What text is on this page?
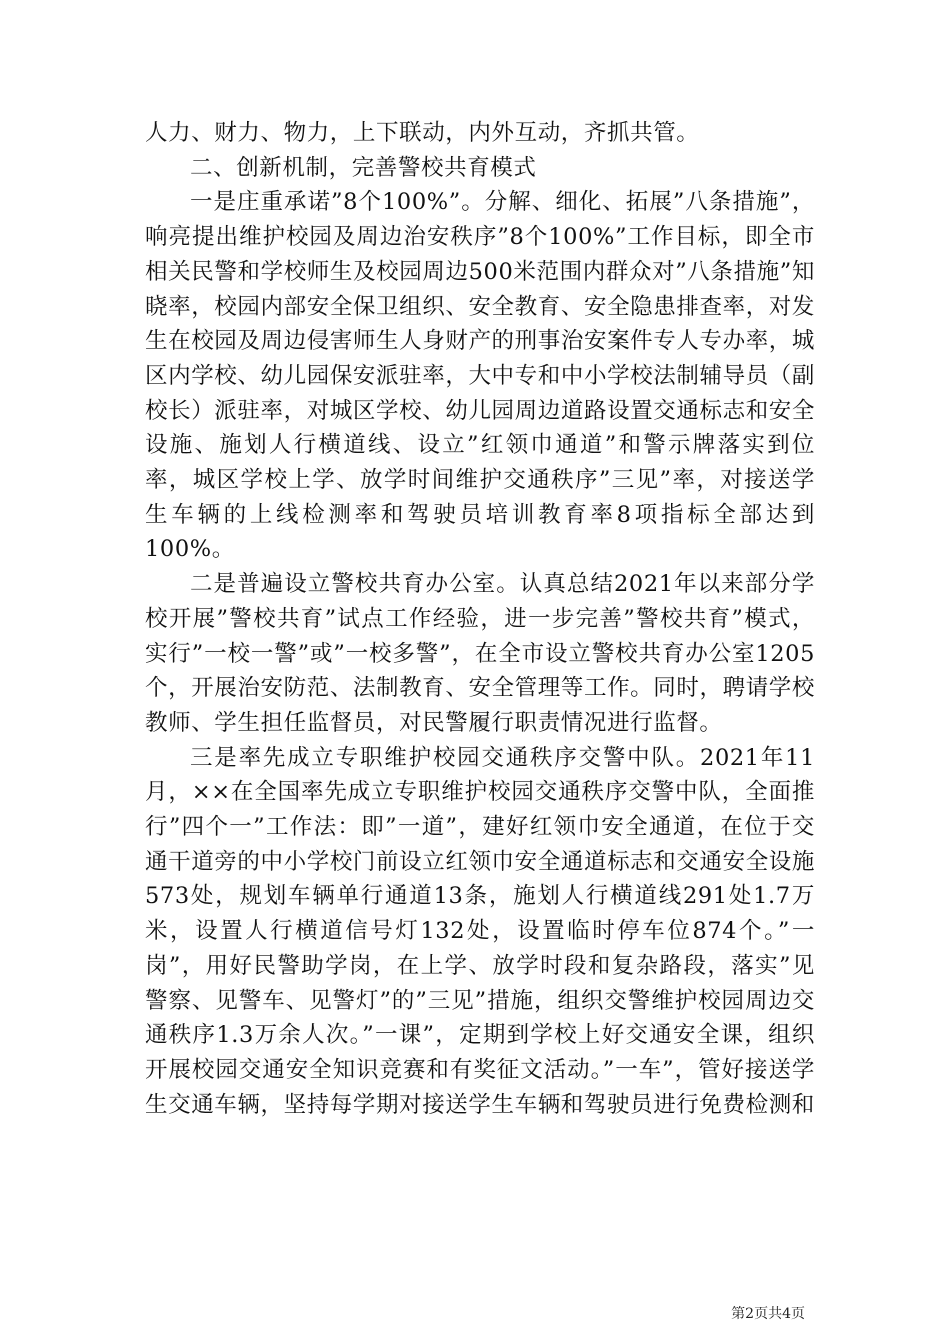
人力、财力、物力，上下联动，内外互动，齐抓共管。

二、创新机制，完善警校共育模式

一是庄重承诺”8个100%”。分解、细化、拓展”八条措施”，响亮提出维护校园及周边治安秩序”8个100%”工作目标，即全市相关民警和学校师生及校园周边500米范围内群众对”八条措施”知晓率，校园内部安全保卫组织、安全教育、安全隐患排查率，对发生在校园及周边侵害师生人身财产的刑事治安案件专人专办率，城区内学校、幼儿园保安派驻率，大中专和中小学校法制辅导员（副校长）派驻率，对城区学校、幼儿园周边道路设置交通标志和安全设施、施划人行横道线、设立”红领巾通道”和警示牌落实到位率，城区学校上学、放学时间维护交通秩序”三见”率，对接送学生车辆的上线检测率和驾驶员培训教育率8项指标全部达到100%。

二是普遍设立警校共育办公室。认真总结2021年以来部分学校开展”警校共育”试点工作经验，进一步完善”警校共育”模式，实行”一校一警”或”一校多警”，在全市设立警校共育办公室1205个，开展治安防范、法制教育、安全管理等工作。同时，聘请学校教师、学生担任监督员，对民警履行职责情况进行监督。

三是率先成立专职维护校园交通秩序交警中队。2021年11月，××在全国率先成立专职维护校园交通秩序交警中队，全面推行”四个一”工作法：即”一道”，建好红领巾安全通道，在位于交通干道旁的中小学校门前设立红领巾安全通道标志和交通安全设施573处，规划车辆单行通道13条，施划人行横道线291处1.7万米，设置人行横道信号灯132处，设置临时停车位874个。”一岗”，用好民警助学岗，在上学、放学时段和复杂路段，落实”见警察、见警车、见警灯”的”三见”措施，组织交警维护校园周边交通秩序1.3万余人次。”一课”，定期到学校上好交通安全课，组织开展校园交通安全知识竞赛和有奖征文活动。”一车”，管好接送学生交通车辆，坚持每学期对接送学生车辆和驾驶员进行免费检测和

第2页共4页
